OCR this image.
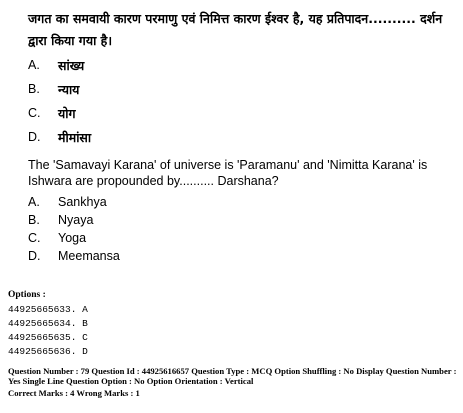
जगत का समवायी कारण परमाणु एवं निमित्त कारण ईश्वर है, यह प्रतिपादन.......... दर्शन द्वारा किया गया है।
A.	सांख्य
B.	न्याय
C.	योग
D.	मीमांसा
The 'Samavayi Karana' of universe is 'Paramanu' and 'Nimitta Karana' is Ishwara are propounded by.......... Darshana?
A.	Sankhya
B.	Nyaya
C.	Yoga
D.	Meemansa
Options :
44925665633. A
44925665634. B
44925665635. C
44925665636. D
Question Number : 79 Question Id : 44925616657 Question Type : MCQ Option Shuffling : No Display Question Number : Yes Single Line Question Option : No Option Orientation : Vertical
Correct Marks : 4 Wrong Marks : 1
